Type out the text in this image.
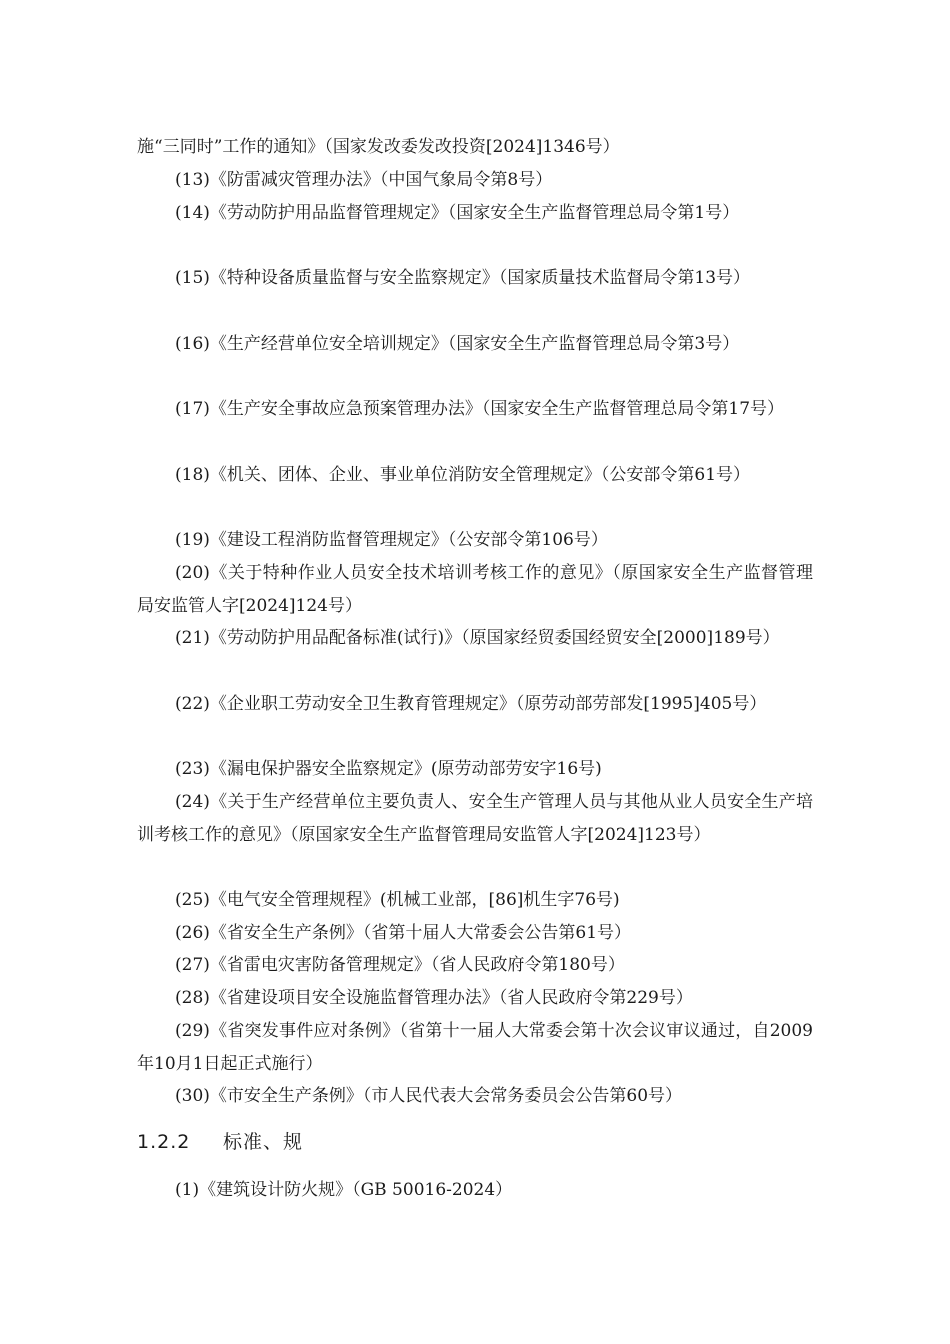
施“三同时”工作的通知》（国家发改委发改投资[2024]1346号）
(13)《防雷减灾管理办法》（中国气象局令第8号）
(14)《劳动防护用品监督管理规定》（国家安全生产监督管理总局令第1号）
(15)《特种设备质量监督与安全监察规定》（国家质量技术监督局令第13号）
(16)《生产经营单位安全培训规定》（国家安全生产监督管理总局令第3号）
(17)《生产安全事故应急预案管理办法》（国家安全生产监督管理总局令第17号）
(18)《机关、团体、企业、事业单位消防安全管理规定》（公安部令第61号）
(19)《建设工程消防监督管理规定》（公安部令第106号）
(20)《关于特种作业人员安全技术培训考核工作的意见》（原国家安全生产监督管理局安监管人字[2024]124号）
(21)《劳动防护用品配备标准(试行)》（原国家经贸委国经贸安全[2000]189号）
(22)《企业职工劳动安全卫生教育管理规定》（原劳动部劳部发[1995]405号）
(23)《漏电保护器安全监察规定》(原劳动部劳安字16号)
(24)《关于生产经营单位主要负责人、安全生产管理人员与其他从业人员安全生产培训考核工作的意见》（原国家安全生产监督管理局安监管人字[2024]123号）
(25)《电气安全管理规程》(机械工业部，[86]机生字76号)
(26)《省安全生产条例》（省第十届人大常委会公告第61号）
(27)《省雷电灾害防备管理规定》（省人民政府令第180号）
(28)《省建设项目安全设施监督管理办法》（省人民政府令第229号）
(29)《省突发事件应对条例》（省第十一届人大常委会第十次会议审议通过，自2009年10月1日起正式施行）
(30)《市安全生产条例》（市人民代表大会常务委员会公告第60号）
1.2.2 标准、规
(1)《建筑设计防火规》（GB 50016-2024）
